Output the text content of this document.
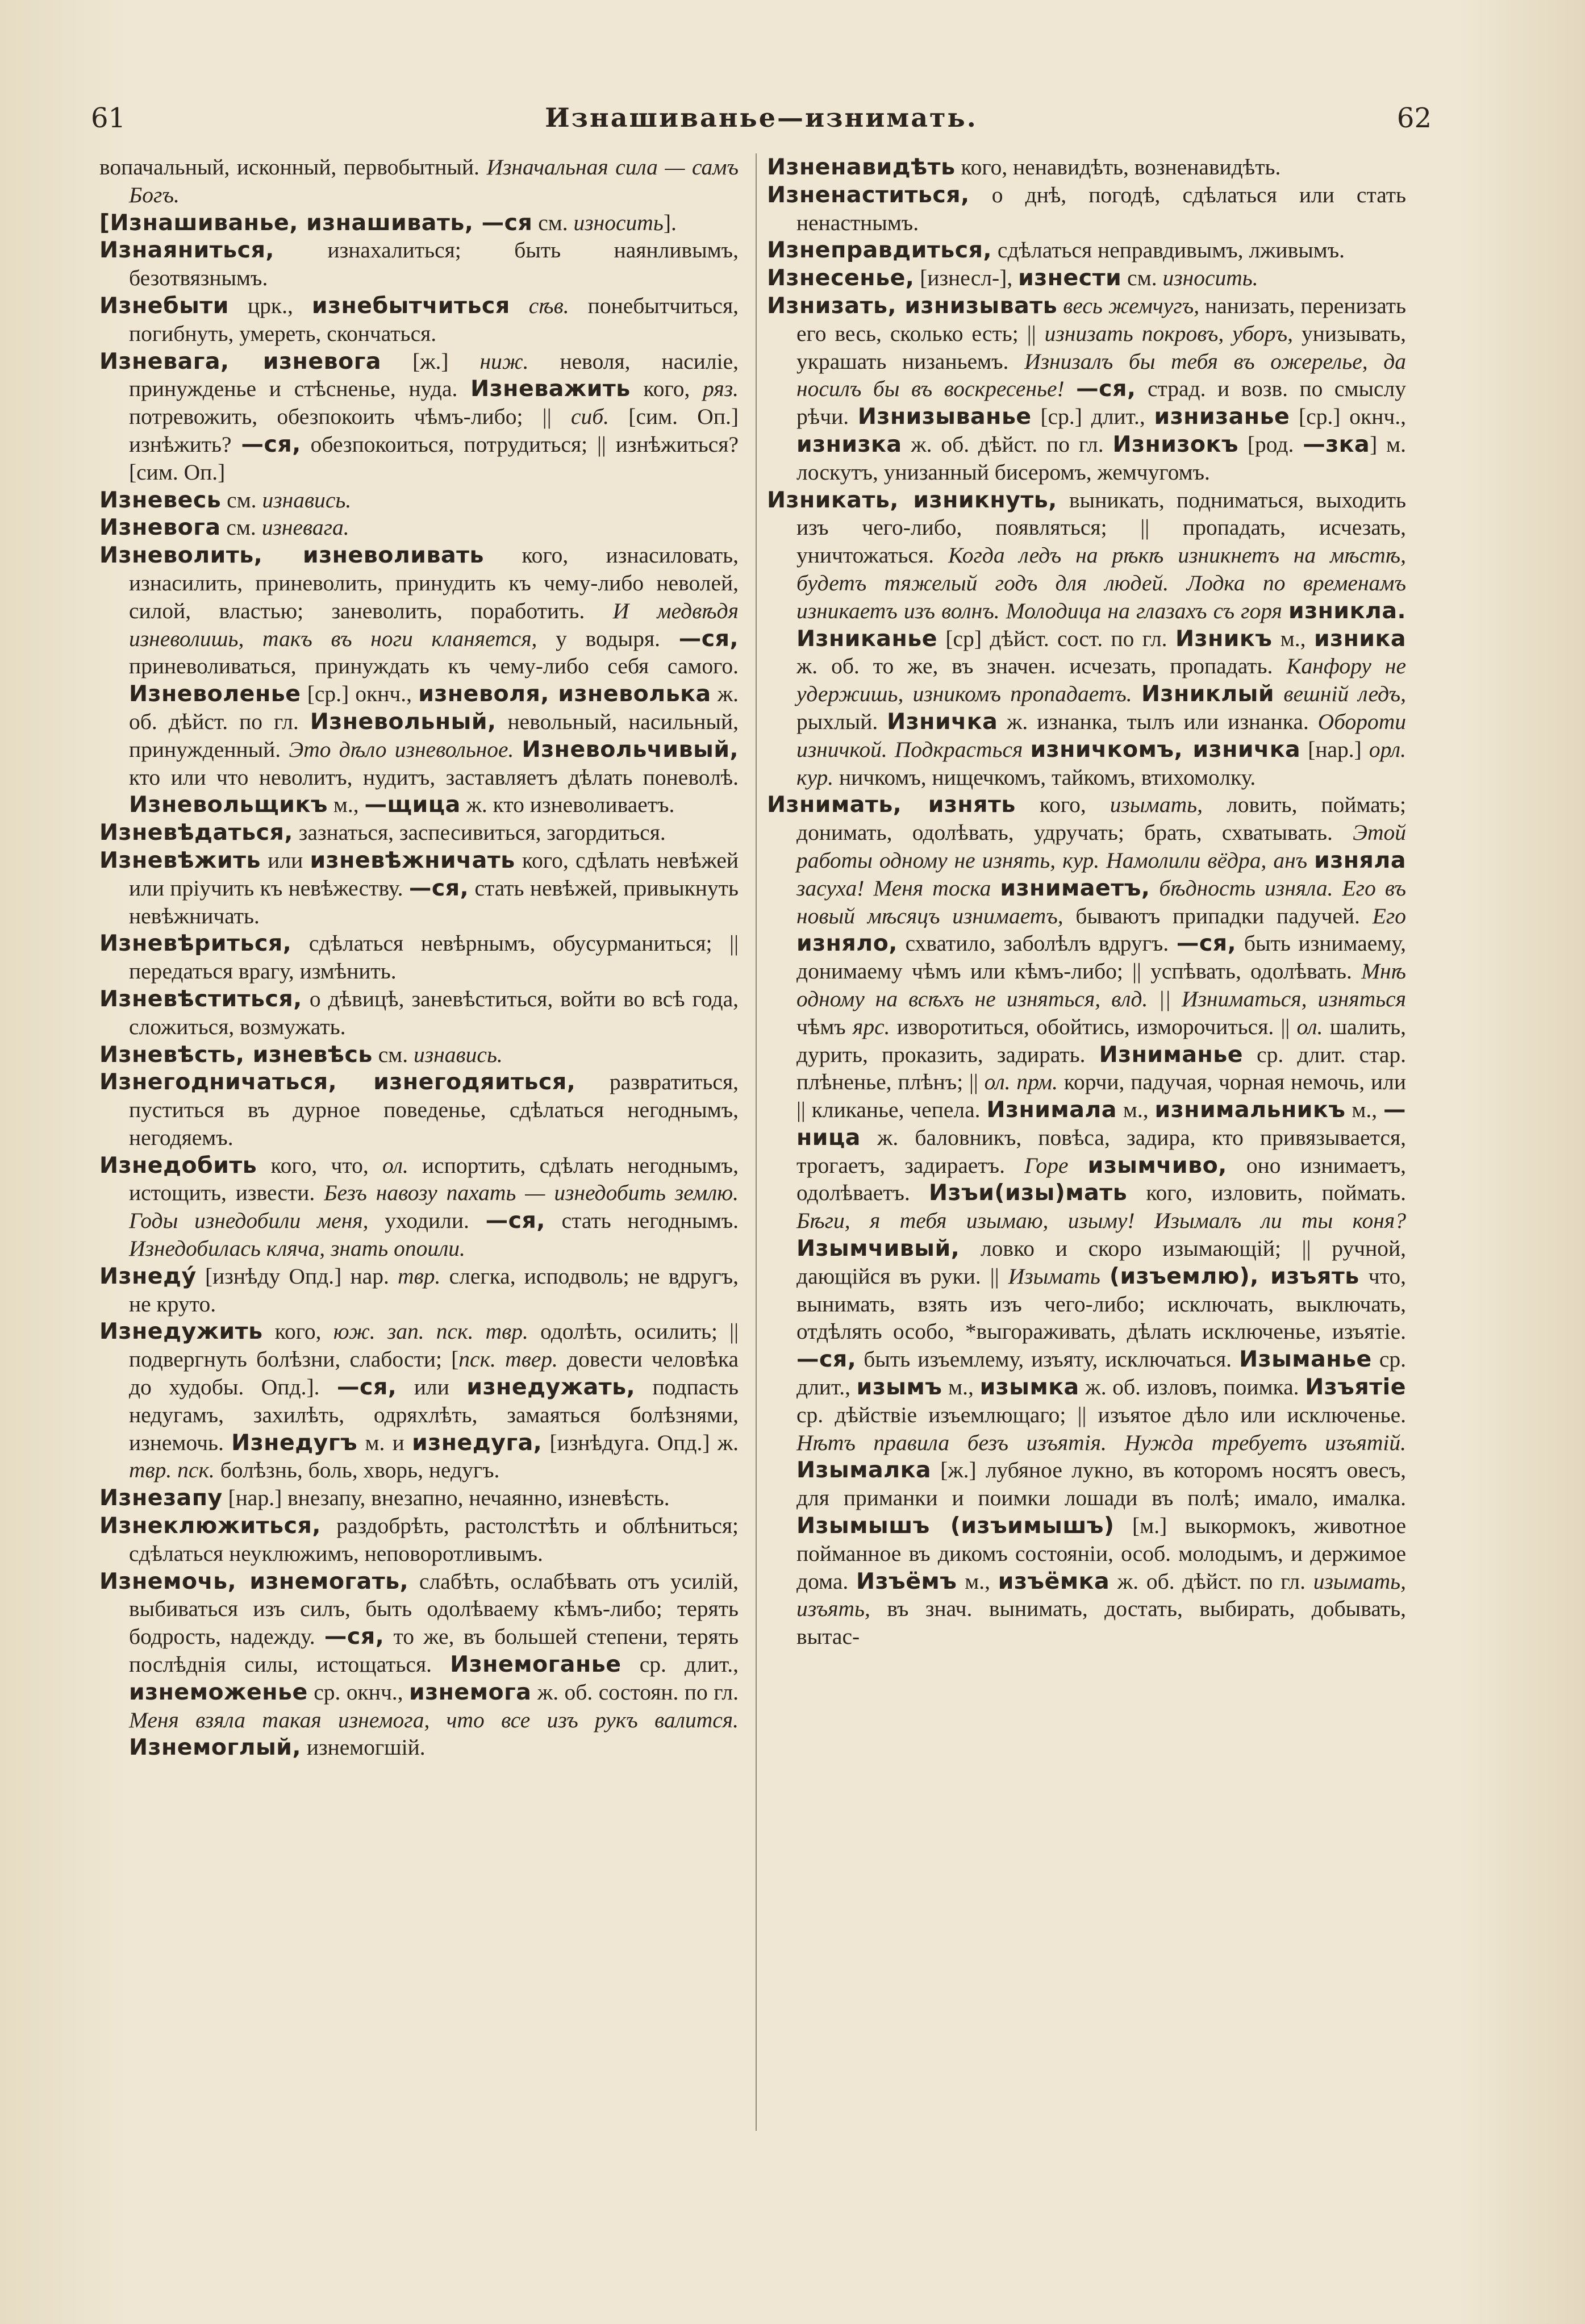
61	Изнашиванье—изнимать.	62

вопачальный, исконный, первобытный. Изначальная сила — самъ Богъ.

[Изнашиванье, изнашивать, —ся см. износить].

Изнаяниться, изнахалиться; быть наянливымъ, безотвязнымъ.

Изнебыти црк., изнебытчиться сѣв. понебытчиться, погибнуть, умереть, скончаться.

Изневага, изневога [ж.] ниж. неволя, насиліе, принужденье и стѣсненье, нуда. Изневажить кого, ряз. потревожить, обезпокоить чѣмъ-либо; || сиб. [сим. Оп.] изнѣжить? —ся, обезпокоиться, потрудиться; || изнѣжиться? [сим. Оп.]

Изневесь см. изнавись.

Изневога см. изневага.

Изневолить, изневоливать кого, изнасиловать, изнасилить, приневолить, принудить къ чему-либо неволей, силой, властью; заневолить, поработить. И медвѣдя изневолишь, такъ въ ноги кланяется, у водыря. —ся, приневоливаться, принуждать къ чему-либо себя самого. Изневоленье [ср.] окнч., изневоля, изневолька ж. об. дѣйст. по гл. Изневольный, невольный, насильный, принужденный. Это дѣло изневольное. Изневольчивый, кто или что неволитъ, нудитъ, заставляетъ дѣлать поневолѣ. Изневольщикъ м., —щица ж. кто изневоливаетъ.

Изневѣдаться, зазнаться, заспесивиться, загордиться.

Изневѣжить или изневѣжничать кого, сдѣлать невѣжей или пріучить къ невѣжеству. —ся, стать невѣжей, привыкнуть невѣжничать.

Изневѣриться, сдѣлаться невѣрнымъ, обусурманиться; || передаться врагу, измѣнить.

Изневѣститься, о дѣвицѣ, заневѣститься, войти во всѣ года, сложиться, возмужать.

Изневѣсть, изневѣсь см. изнавись.

Изнегодничаться, изнегодяиться, развратиться, пуститься въ дурное поведенье, сдѣлаться негоднымъ, негодяемъ.

Изнедобить кого, что, ол. испортить, сдѣлать негоднымъ, истощить, извести. Безъ навозу пахать — изнедобить землю. Годы изнедобили меня, уходили. —ся, стать негоднымъ. Изнедобилась кляча, знать опоили.

Изнедý [изнѣду Опд.] нар. твр. слегка, исподволь; не вдругъ, не круто.

Изнедужить кого, юж. зап. пск. твр. одолѣть, осилить; || подвергнуть болѣзни, слабости; [пск. твер. довести человѣка до худобы. Опд.]. —ся, или изнедужать, подпасть недугамъ, захилѣть, одряхлѣть, замаяться болѣзнями, изнемочь. Изнедугъ м. и изнедуга, [изнѣдуга. Опд.] ж. твр. пск. болѣзнь, боль, хворь, недугъ.

Изнезапу [нар.] внезапу, внезапно, нечаянно, изневѣсть.

Изнеклюжиться, раздобрѣть, растолстѣть и облѣниться; сдѣлаться неуклюжимъ, неповоротливымъ.

Изнемочь, изнемогать, слабѣть, ослабѣвать отъ усилій, выбиваться изъ силъ, быть одолѣваему кѣмъ-либо; терять бодрость, надежду. —ся, то же, въ большей степени, терять послѣднія силы, истощаться. Изнемоганье ср. длит., изнеможенье ср. окнч., изнемога ж. об. состоян. по гл. Меня взяла такая изнемога, что все изъ рукъ валится. Изнемоглый, изнемогшій.

Изненавидѣть кого, ненавидѣть, возненавидѣть.

Изненаститься, о днѣ, погодѣ, сдѣлаться или стать ненастнымъ.

Изнеправдиться, сдѣлаться неправдивымъ, лживымъ.

Изнесенье, [изнесл-], изнести см. износить.

Изнизать, изнизывать весь жемчугъ, нанизать, перенизать его весь, сколько есть; || изнизать покровъ, уборъ, унизывать, украшать низаньемъ. Изнизалъ бы тебя въ ожерелье, да носилъ бы въ воскресенье! —ся, страд. и возв. по смыслу рѣчи. Изнизыванье [ср.] длит., изнизанье [ср.] окнч., изнизка ж. об. дѣйст. по гл. Изнизокъ [род. —зка] м. лоскутъ, унизанный бисеромъ, жемчугомъ.

Изникать, изникнуть, выникать, подниматься, выходить изъ чего-либо, появляться; || пропадать, исчезать, уничтожаться. Когда ледъ на рѣкѣ изникнетъ на мѣстѣ, будетъ тяжелый годъ для людей. Лодка по временамъ изникаетъ изъ волнъ. Молодица на глазахъ съ горя изникла. Изниканье [ср] дѣйст. сост. по гл. Изникъ м., изника ж. об. то же, въ значен. исчезать, пропадать. Канфору не удержишь, изникомъ пропадаетъ. Изниклый вешній ледъ, рыхлый. Изничка ж. изнанка, тылъ или изнанка. Оборoти изничкой. Подкрасться изничкомъ, изничка [нар.] орл. кур. ничкомъ, нищечкомъ, тайкомъ, втихомолку.

Изнимать, изнять кого, изымать, ловить, поймать; донимать, одолѣвать, удручать; брать, схватывать. Этой работы одному не изнять, кур. Намолили вёдра, анъ изняла засуха! Меня тоска изнимаетъ, бѣдность изняла. Его въ новый мѣсяцъ изнимаетъ, бываютъ припадки падучей. Его изняло, схватило, заболѣлъ вдругъ. —ся, быть изнимаему, донимаему чѣмъ или кѣмъ-либо; || успѣвать, одолѣвать. Мнѣ одному на всѣхъ не изняться, влд. || Изниматься, изняться чѣмъ ярс. извоpотиться, обойтись, изморочиться. || ол. шалить, дурить, проказить, задирать. Изниманье ср. длит. стар. плѣненье, плѣнъ; || ол. прм. корчи, падучая, чорная немочь, или || кликанье, чепела. Изнималa м., изнимальникъ м., —ница ж. баловникъ, повѣса, задира, кто привязывается, трогаетъ, задираетъ. Горе изымчиво, оно изнимаетъ, одолѣваетъ. Изъи(изы)мать кого, изловить, поймать. Бѣги, я тебя изымаю, изыму! Изымалъ ли ты коня? Изымчивый, ловко и скоро изымающій; || ручной, дающійся въ руки. || Изымать (изъемлю), изъять что, вынимать, взять изъ чего-либо; исключать, выключать, отдѣлять особо, *выгораживать, дѣлать исключенье, изъятіе. —ся, быть изъемлему, изъяту, исключаться. Изыманье ср. длит., изымъ м., изымка ж. об. изловъ, поимка. Изъятіе ср. дѣйствіе изъемлющаго; || изъятое дѣло или исключенье. Нѣтъ правила безъ изъятія. Нужда требуетъ изъятій. Изымалка [ж.] лубяное лукно, въ которомъ носятъ овесъ, для приманки и поимки лошади въ полѣ; имало, ималка. Изымышъ (изъимышъ) [м.] выкормокъ, животное пойманное въ дикомъ состояніи, особ. молодымъ, и держимое дома. Изъёмъ м., изъёмка ж. об. дѣйст. по гл. изымать, изъять, въ знач. вынимать, достать, выбирать, добывать, вытас-
